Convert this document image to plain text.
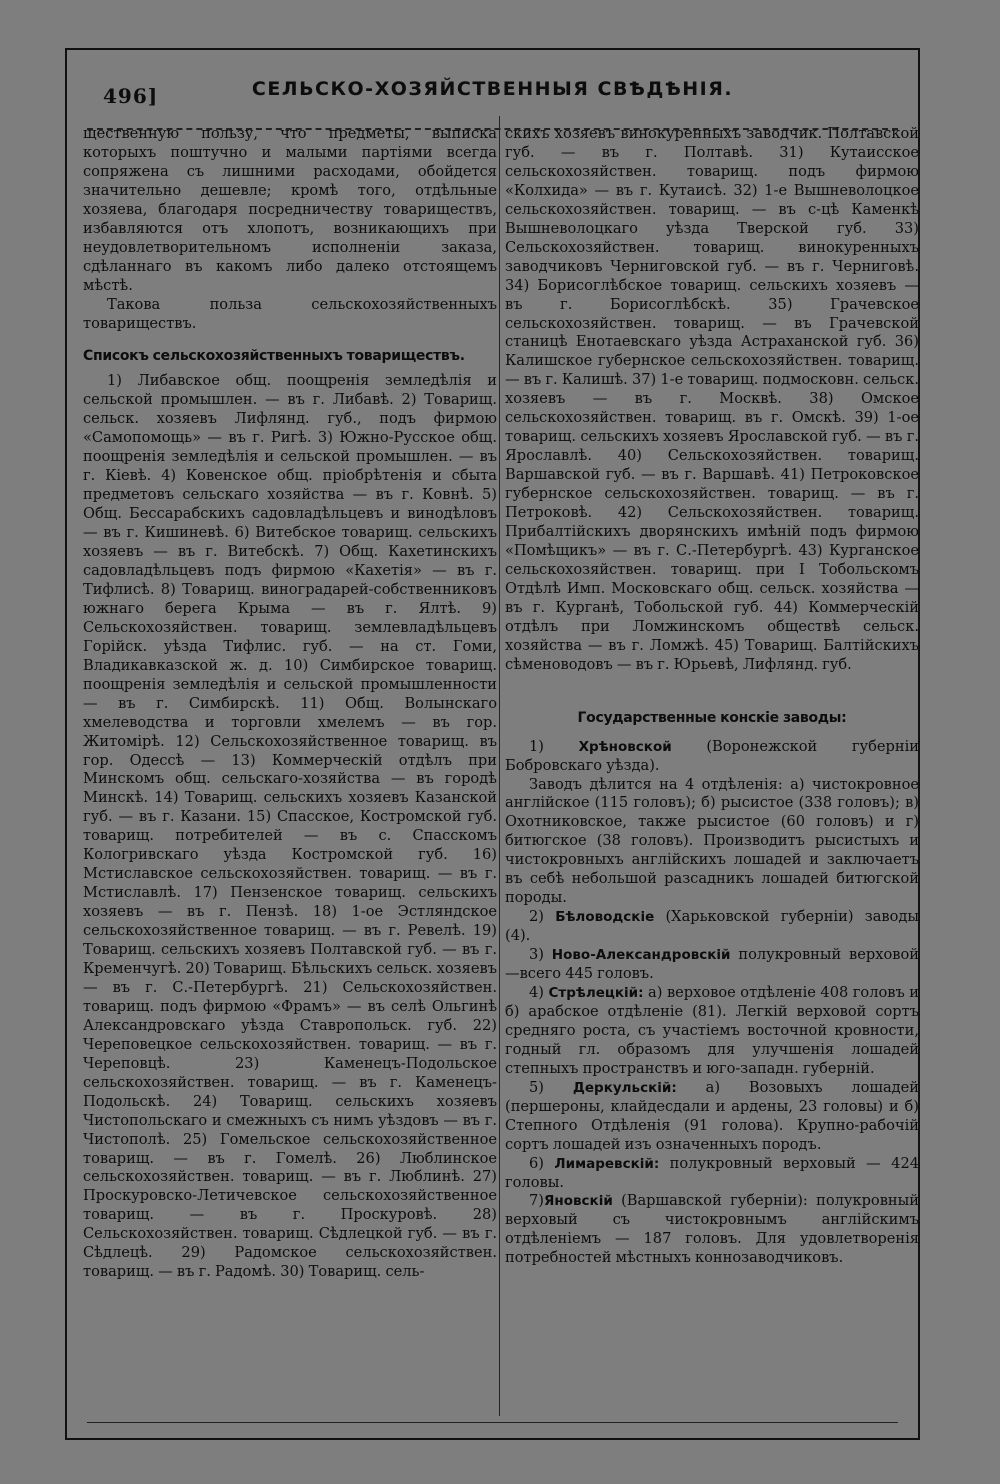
496]	СЕЛЬСКО-ХОЗЯЙСТВЕННЫЯ СВѢДѢНІЯ.

щественную пользу, что предметы, выписка которыхъ поштучно и малыми партіями всегда сопряжена съ лишними расходами, обойдется значительно дешевле; кромѣ того, отдѣльные хозяева, благодаря посредничеству товариществъ, избавляются отъ хлопотъ, возникающихъ при неудовлетворительномъ исполненіи заказа, сдѣланнаго въ какомъ либо далеко отстоящемъ мѣстѣ.

Такова польза сельскохозяйственныхъ товариществъ.

Списокъ сельскохозяйственныхъ товариществъ.

1) Либавское общ. поощренія земледѣлія и сельской промышлен. — въ г. Либавѣ. 2) Товарищ. сельск. хозяевъ Лифлянд. губ., подъ фирмою «Самопомощь» — въ г. Ригѣ. 3) Южно-Русское общ. поощренія земледѣлія и сельской промышлен. — въ г. Кіевѣ. 4) Ковенское общ. пріобрѣтенія и сбыта предметовъ сельскаго хозяйства — въ г. Ковнѣ. 5) Общ. Бессарабскихъ садовладѣльцевъ и винодѣловъ — въ г. Кишиневѣ. 6) Витебское товарищ. сельскихъ хозяевъ — въ г. Витебскѣ. 7) Общ. Кахетинскихъ садовладѣльцевъ подъ фирмою «Кахетія» — въ г. Тифлисѣ. 8) Товарищ. виноградарей-собственниковъ южнаго берега Крыма — въ г. Ялтѣ. 9) Сельскохозяйствен. товарищ. землевладѣльцевъ Горійск. уѣзда Тифлис. губ. — на ст. Гоми, Владикавказской ж. д. 10) Симбирское товарищ. поощренія земледѣлія и сельской промышленности — въ г. Симбирскѣ. 11) Общ. Волынскаго хмелеводства и торговли хмелемъ — въ гор. Житомірѣ. 12) Сельскохозяйственное товарищ. въ гор. Одессѣ — 13) Коммерческій отдѣлъ при Минскомъ общ. сельскаго-хозяйства — въ городѣ Минскѣ. 14) Товарищ. сельскихъ хозяевъ Казанской губ. — въ г. Казани. 15) Спасское, Костромской губ. товарищ. потребителей — въ с. Спасскомъ Кологривскаго уѣзда Костромской губ. 16) Мстиславское сельскохозяйствен. товарищ. — въ г. Мстиславлѣ. 17) Пензенское товарищ. сельскихъ хозяевъ — въ г. Пензѣ. 18) 1-ое Эстляндское сельскохозяйственное товарищ. — въ г. Ревелѣ. 19) Товарищ. сельскихъ хозяевъ Полтавской губ. — въ г. Кременчугѣ. 20) Товарищ. Бѣльскихъ сельск. хозяевъ — въ г. С.-Петербургѣ. 21) Сельскохозяйствен. товарищ. подъ фирмою «Фрамъ» — въ селѣ Ольгинѣ Александровскаго уѣзда Ставропольск. губ. 22) Череповецкое сельскохозяйствен. товарищ. — въ г. Череповцѣ. 23) Каменецъ-Подольское сельскохозяйствен. товарищ. — въ г. Каменецъ-Подольскѣ. 24) Товарищ. сельскихъ хозяевъ Чистопольскаго и смежныхъ съ нимъ уѣздовъ — въ г. Чистополѣ. 25) Гомельское сельскохозяйственное товарищ. — въ г. Гомелѣ. 26) Люблинское сельскохозяйствен. товарищ. — въ г. Люблинѣ. 27) Проскуровско-Летичевское сельскохозяйственное товарищ. — въ г. Проскуровѣ. 28) Сельскохозяйствен. товарищ. Сѣдлецкой губ. — въ г. Сѣдлецѣ. 29) Радомское сельскохозяйствен. товарищ. — въ г. Радомѣ. 30) Товарищ. сель-

скихъ хозяевъ винокуренныхъ заводчик. Полтавской губ. — въ г. Полтавѣ. 31) Кутаисское сельскохозяйствен. товарищ. подъ фирмою «Колхида» — въ г. Кутаисѣ. 32) 1-е Вышневолоцкое сельскохозяйствен. товарищ. — въ с-цѣ Каменкѣ Вышневолоцкаго уѣзда Тверской губ. 33) Сельскохозяйствен. товарищ. винокуренныхъ заводчиковъ Черниговской губ. — въ г. Черниговѣ. 34) Борисоглѣбское товарищ. сельскихъ хозяевъ — въ г. Борисоглѣбскѣ. 35) Грачевское сельскохозяйствен. товарищ. — въ Грачевской станицѣ Енотаевскаго уѣзда Астраханской губ. 36) Калишское губернское сельскохозяйствен. товарищ. — въ г. Калишѣ. 37) 1-е товарищ. подмосковн. сельск. хозяевъ — въ г. Москвѣ. 38) Омское сельскохозяйствен. товарищ. въ г. Омскѣ. 39) 1-ое товарищ. сельскихъ хозяевъ Ярославской губ. — въ г. Ярославлѣ. 40) Сельскохозяйствен. товарищ. Варшавской губ. — въ г. Варшавѣ. 41) Петроковское губернское сельскохозяйствен. товарищ. — въ г. Петроковѣ. 42) Сельскохозяйствен. товарищ. Прибалтійскихъ дворянскихъ имѣній подъ фирмою «Помѣщикъ» — въ г. С.-Петербургѣ. 43) Курганское сельскохозяйствен. товарищ. при I Тобольскомъ Отдѣлѣ Имп. Московскаго общ. сельск. хозяйства — въ г. Курганѣ, Тобольской губ. 44) Коммерческій отдѣлъ при Ломжинскомъ обществѣ сельск. хозяйства — въ г. Ломжѣ. 45) Товарищ. Балтійскихъ сѣменоводовъ — въ г. Юрьевѣ, Лифлянд. губ.

Государственные конскіе заводы:

1)	Хрѣновской (Воронежской губерніи Бобровскаго уѣзда).

Заводъ дѣлится на 4 отдѣленія: а) чистокровное англійское (115 головъ); б) рысистое (338 головъ); в) Охотниковское, также рысистое (60 головъ) и г) битюгское (38 головъ). Производитъ рысистыхъ и чистокровныхъ англійскихъ лошадей и заключаетъ въ себѣ небольшой разсадникъ лошадей битюгской породы.

2) Бѣловодскіе (Харьковской губерніи) заводы (4).

3) Ново-Александровскій полукровный верховой—всего 445 головъ.

4) Стрѣлецкій: а) верховое отдѣленіе 408 головъ и б) арабское отдѣленіе (81). Легкій верховой сортъ средняго роста, съ участіемъ восточной кровности, годный гл. образомъ для улучшенія лошадей степныхъ пространствъ и юго-западн. губерній.

5) Деркульскій: а) Возовыхъ лошадей (першероны, клайдесдали и ардены, 23 головы) и б) Степного Отдѣленія (91 голова). Крупно-рабочій сортъ лошадей изъ означенныхъ породъ.

6) Лимаревскій: полукровный верховый — 424 головы.

7)Яновскій (Варшавской губерніи): полукровный верховый съ чистокровнымъ англійскимъ отдѣленіемъ — 187 головъ. Для удовлетворенія потребностей мѣстныхъ коннозаводчиковъ.
